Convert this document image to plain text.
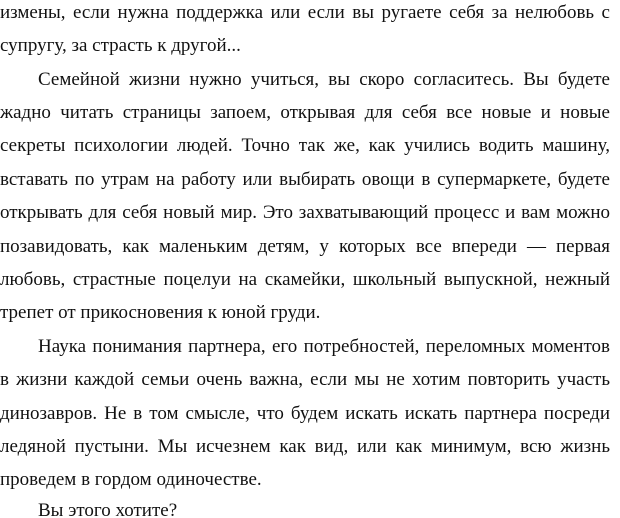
измены, если нужна поддержка или если вы ругаете себя за нелюбовь с
супругу, за страсть к другой...
Семейной жизни нужно учиться, вы скоро согласитесь. Вы будете
жадно читать страницы запоем, открывая для себя все новые и новые
секреты психологии людей. Точно так же, как учились водить машину,
вставать по утрам на работу или выбирать овощи в супермаркете, будете
открывать для себя новый мир. Это захватывающий процесс и вам можно
позавидовать, как маленьким детям, у которых все впереди — первая
любовь, страстные поцелуи на скамейки, школьный выпускной, нежный
трепет от прикосновения к юной груди.
Наука понимания партнера, его потребностей, переломных моментов
в жизни каждой семьи очень важна, если мы не хотим повторить участь
динозавров. Не в том смысле, что будем искать искать партнера посреди
ледяной пустыни. Мы исчезнем как вид, или как минимум, всю жизнь
проведем в гордом одиночестве.
Вы этого хотите?
